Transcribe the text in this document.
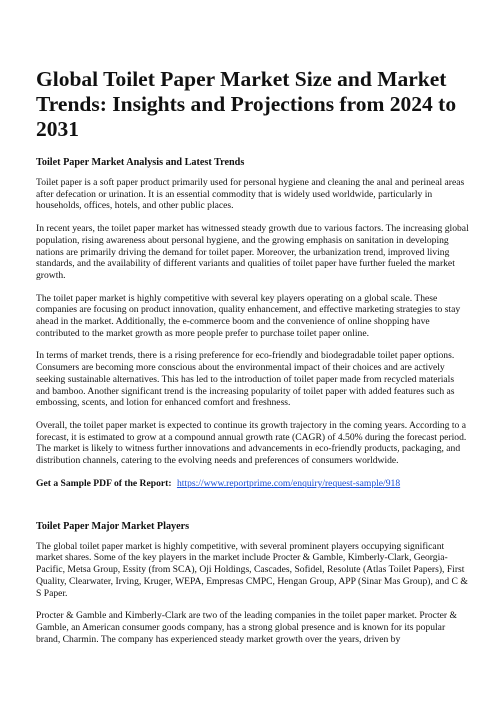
Global Toilet Paper Market Size and Market Trends: Insights and Projections from 2024 to 2031
Toilet Paper Market Analysis and Latest Trends

Toilet paper is a soft paper product primarily used for personal hygiene and cleaning the anal and perineal areas after defecation or urination. It is an essential commodity that is widely used worldwide, particularly in households, offices, hotels, and other public places.

In recent years, the toilet paper market has witnessed steady growth due to various factors. The increasing global population, rising awareness about personal hygiene, and the growing emphasis on sanitation in developing nations are primarily driving the demand for toilet paper. Moreover, the urbanization trend, improved living standards, and the availability of different variants and qualities of toilet paper have further fueled the market growth.

The toilet paper market is highly competitive with several key players operating on a global scale. These companies are focusing on product innovation, quality enhancement, and effective marketing strategies to stay ahead in the market. Additionally, the e-commerce boom and the convenience of online shopping have contributed to the market growth as more people prefer to purchase toilet paper online.

In terms of market trends, there is a rising preference for eco-friendly and biodegradable toilet paper options. Consumers are becoming more conscious about the environmental impact of their choices and are actively seeking sustainable alternatives. This has led to the introduction of toilet paper made from recycled materials and bamboo. Another significant trend is the increasing popularity of toilet paper with added features such as embossing, scents, and lotion for enhanced comfort and freshness.

Overall, the toilet paper market is expected to continue its growth trajectory in the coming years. According to a forecast, it is estimated to grow at a compound annual growth rate (CAGR) of 4.50% during the forecast period. The market is likely to witness further innovations and advancements in eco-friendly products, packaging, and distribution channels, catering to the evolving needs and preferences of consumers worldwide.

Get a Sample PDF of the Report: https://www.reportprime.com/enquiry/request-sample/918

Toilet Paper Major Market Players

The global toilet paper market is highly competitive, with several prominent players occupying significant market shares. Some of the key players in the market include Procter & Gamble, Kimberly-Clark, Georgia-Pacific, Metsa Group, Essity (from SCA), Oji Holdings, Cascades, Sofidel, Resolute (Atlas Toilet Papers), First Quality, Clearwater, Irving, Kruger, WEPA, Empresas CMPC, Hengan Group, APP (Sinar Mas Group), and C & S Paper.

Procter & Gamble and Kimberly-Clark are two of the leading companies in the toilet paper market. Procter & Gamble, an American consumer goods company, has a strong global presence and is known for its popular brand, Charmin. The company has experienced steady market growth over the years, driven by
